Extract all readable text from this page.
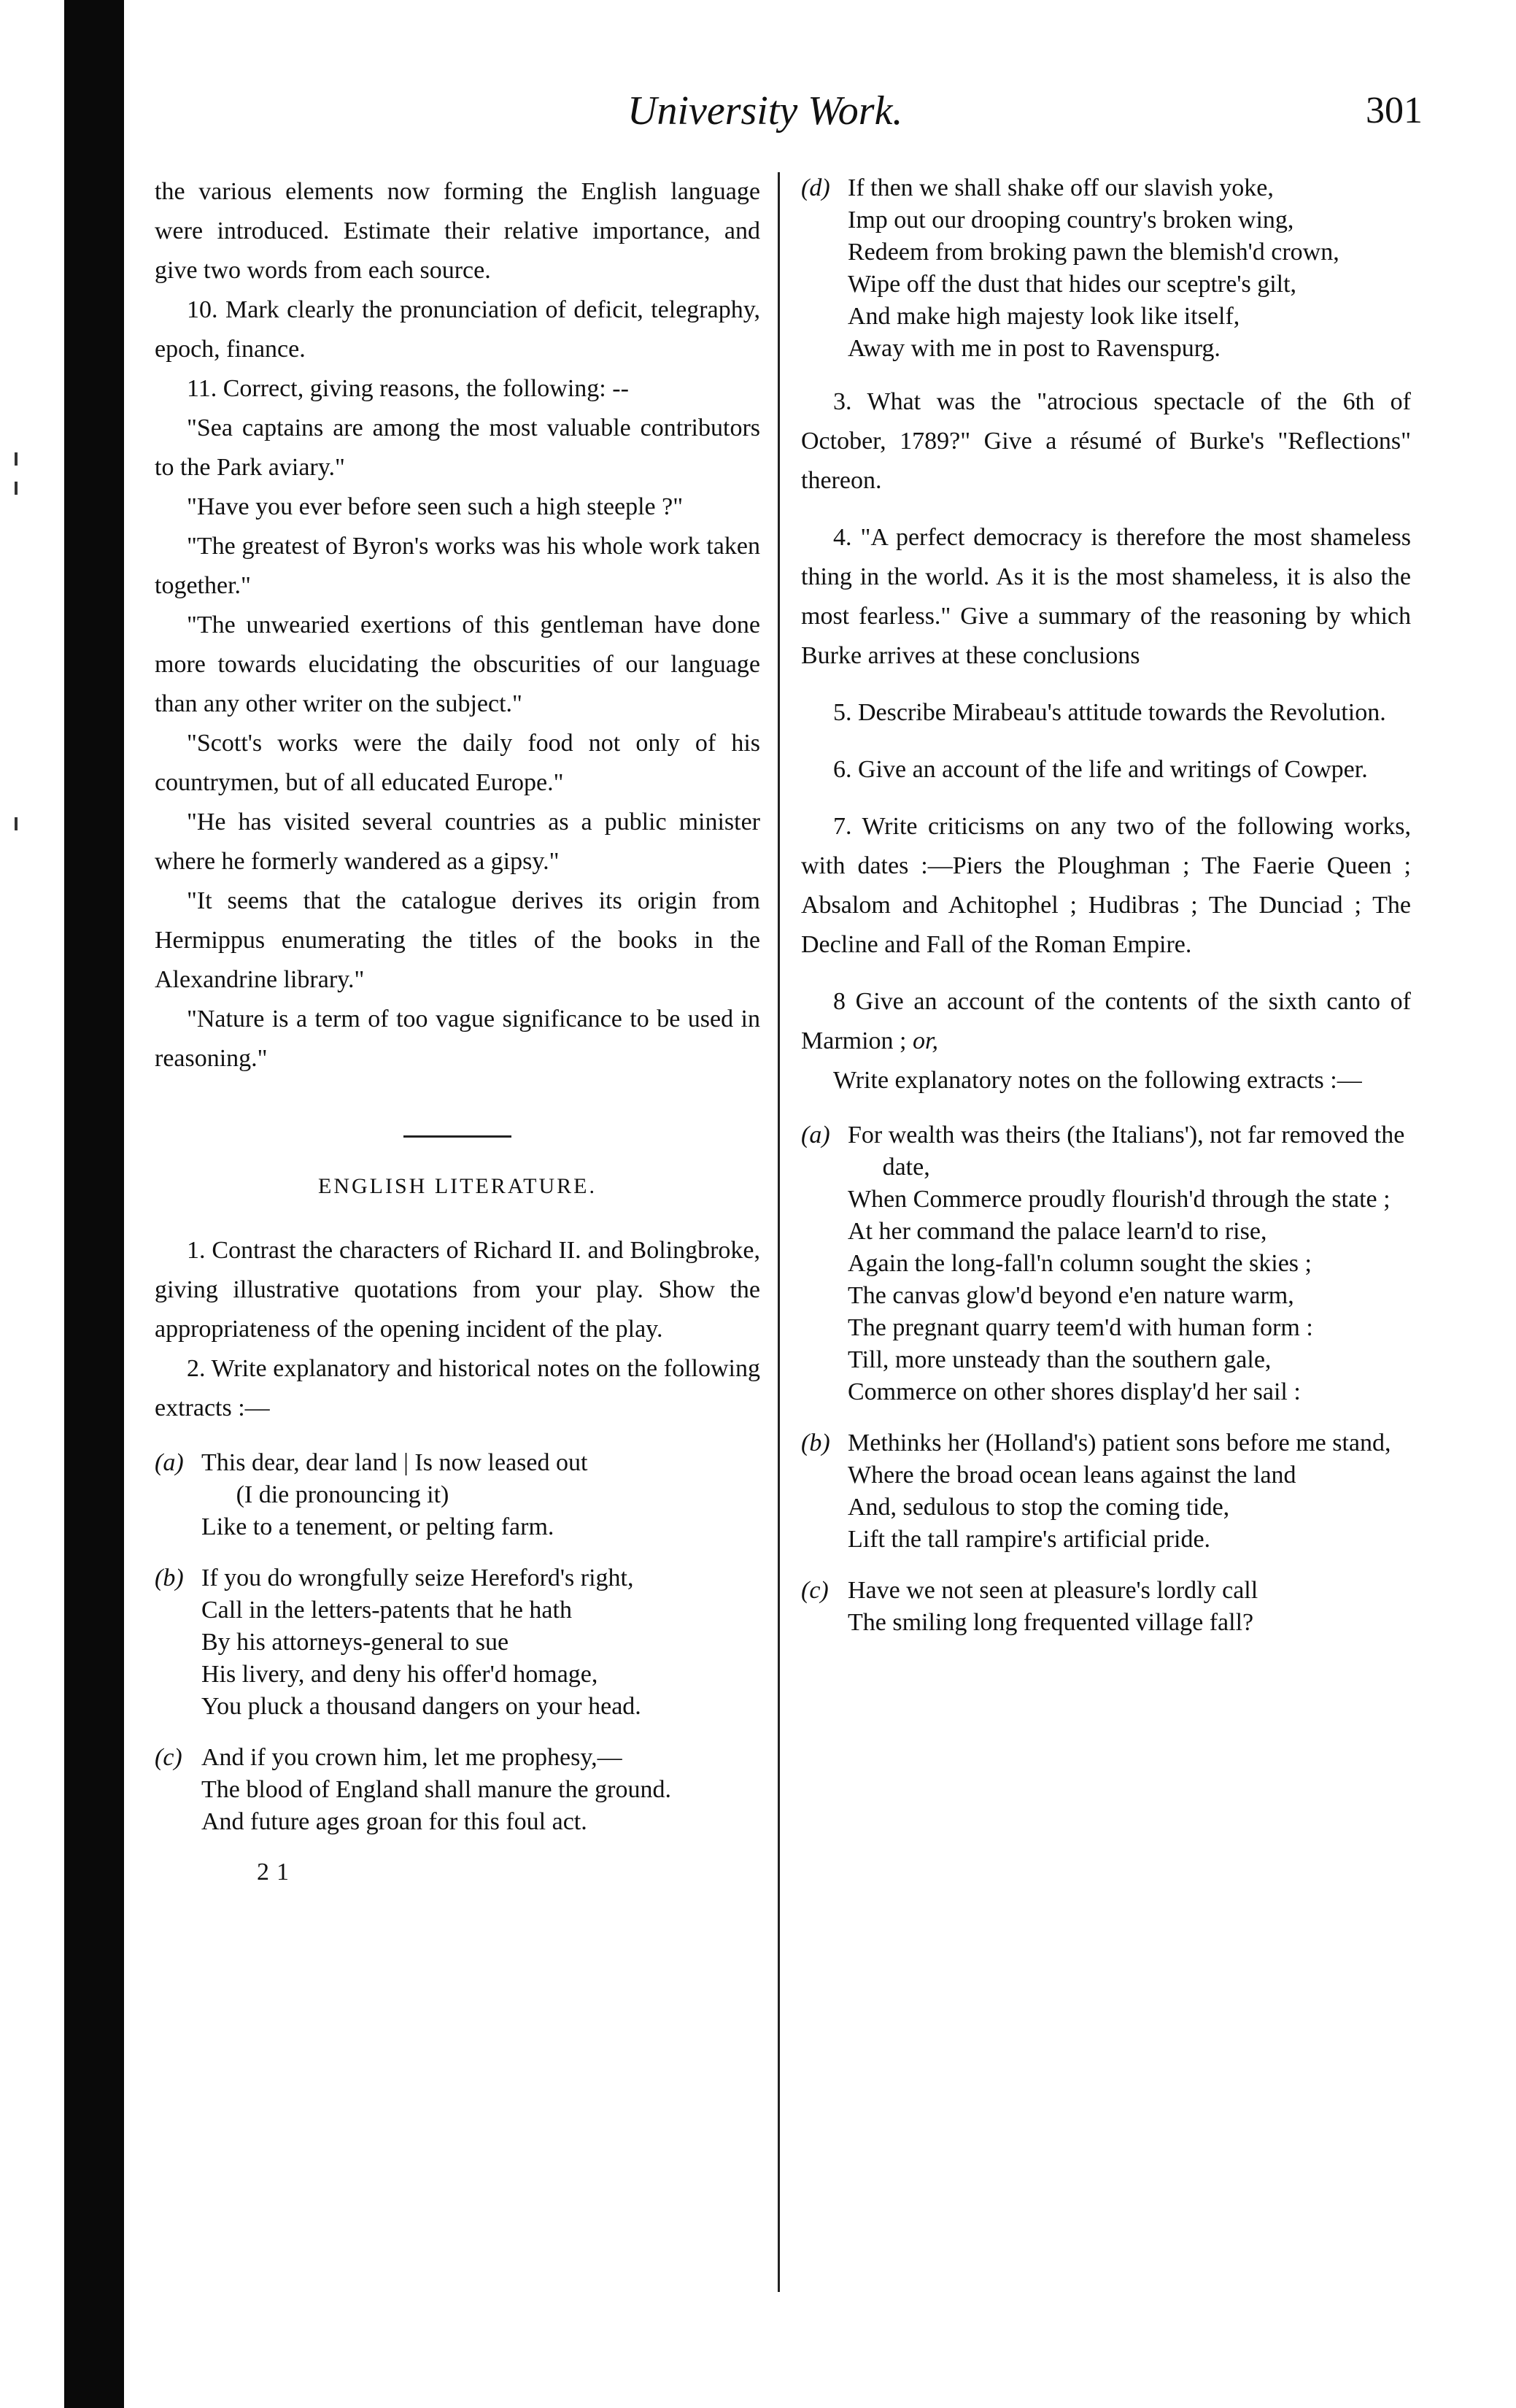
University Work.	301

the various elements now forming the English language were introduced. Estimate their relative importance, and give two words from each source.

10. Mark clearly the pronunciation of deficit, telegraphy, epoch, finance.

11. Correct, giving reasons, the following: --

"Sea captains are among the most valuable contributors to the Park aviary."

"Have you ever before seen such a high steeple ?"

"The greatest of Byron's works was his whole work taken together."

"The unwearied exertions of this gentleman have done more towards elucidating the obscurities of our language than any other writer on the subject."

"Scott's works were the daily food not only of his countrymen, but of all educated Europe."

"He has visited several countries as a public minister where he formerly wandered as a gipsy."

"It seems that the catalogue derives its origin from Hermippus enumerating the titles of the books in the Alexandrine library."

"Nature is a term of too vague significance to be used in reasoning."

ENGLISH LITERATURE.

1. Contrast the characters of Richard II. and Bolingbroke, giving illustrative quotations from your play. Show the appropriateness of the opening incident of the play.

2. Write explanatory and historical notes on the following extracts :—

(a) This dear, dear land | Is now leased out
(I die pronouncing it)
Like to a tenement, or pelting farm.
(b) If you do wrongfully seize Hereford's right,
Call in the letters-patents that he hath
By his attorneys-general to sue
His livery, and deny his offer'd homage,
You pluck a thousand dangers on your head.
(c) And if you crown him, let me prophesy,—
The blood of England shall manure the ground.
And future ages groan for this foul act.
21
(d) If then we shall shake off our slavish yoke,
Imp out our drooping country's broken wing,
Redeem from broking pawn the blemish'd crown,
Wipe off the dust that hides our sceptre's gilt,
And make high majesty look like itself,
Away with me in post to Ravenspurg.

3. What was the "atrocious spectacle of the 6th of October, 1789?" Give a résumé of Burke's "Reflections" thereon.

4. "A perfect democracy is therefore the most shameless thing in the world. As it is the most shameless, it is also the most fearless." Give a summary of the reasoning by which Burke arrives at these conclusions

5. Describe Mirabeau's attitude towards the Revolution.

6. Give an account of the life and writings of Cowper.

7. Write criticisms on any two of the following works, with dates :—Piers the Ploughman ; The Faerie Queen ; Absalom and Achitophel ; Hudibras ; The Dunciad ; The Decline and Fall of the Roman Empire.

8 Give an account of the contents of the sixth canto of Marmion ; or,

Write explanatory notes on the following extracts :—

(a) For wealth was theirs (the Italians'), not far removed the date,
When Commerce proudly flourish'd through the state ;
At her command the palace learn'd to rise,
Again the long-fall'n column sought the skies ;
The canvas glow'd beyond e'en nature warm,
The pregnant quarry teem'd with human form :
Till, more unsteady than the southern gale,
Commerce on other shores display'd her sail :
(b) Methinks her (Holland's) patient sons before me stand,
Where the broad ocean leans against the land
And, sedulous to stop the coming tide,
Lift the tall rampire's artificial pride.
(c) Have we not seen at pleasure's lordly call
The smiling long frequented village fall?
